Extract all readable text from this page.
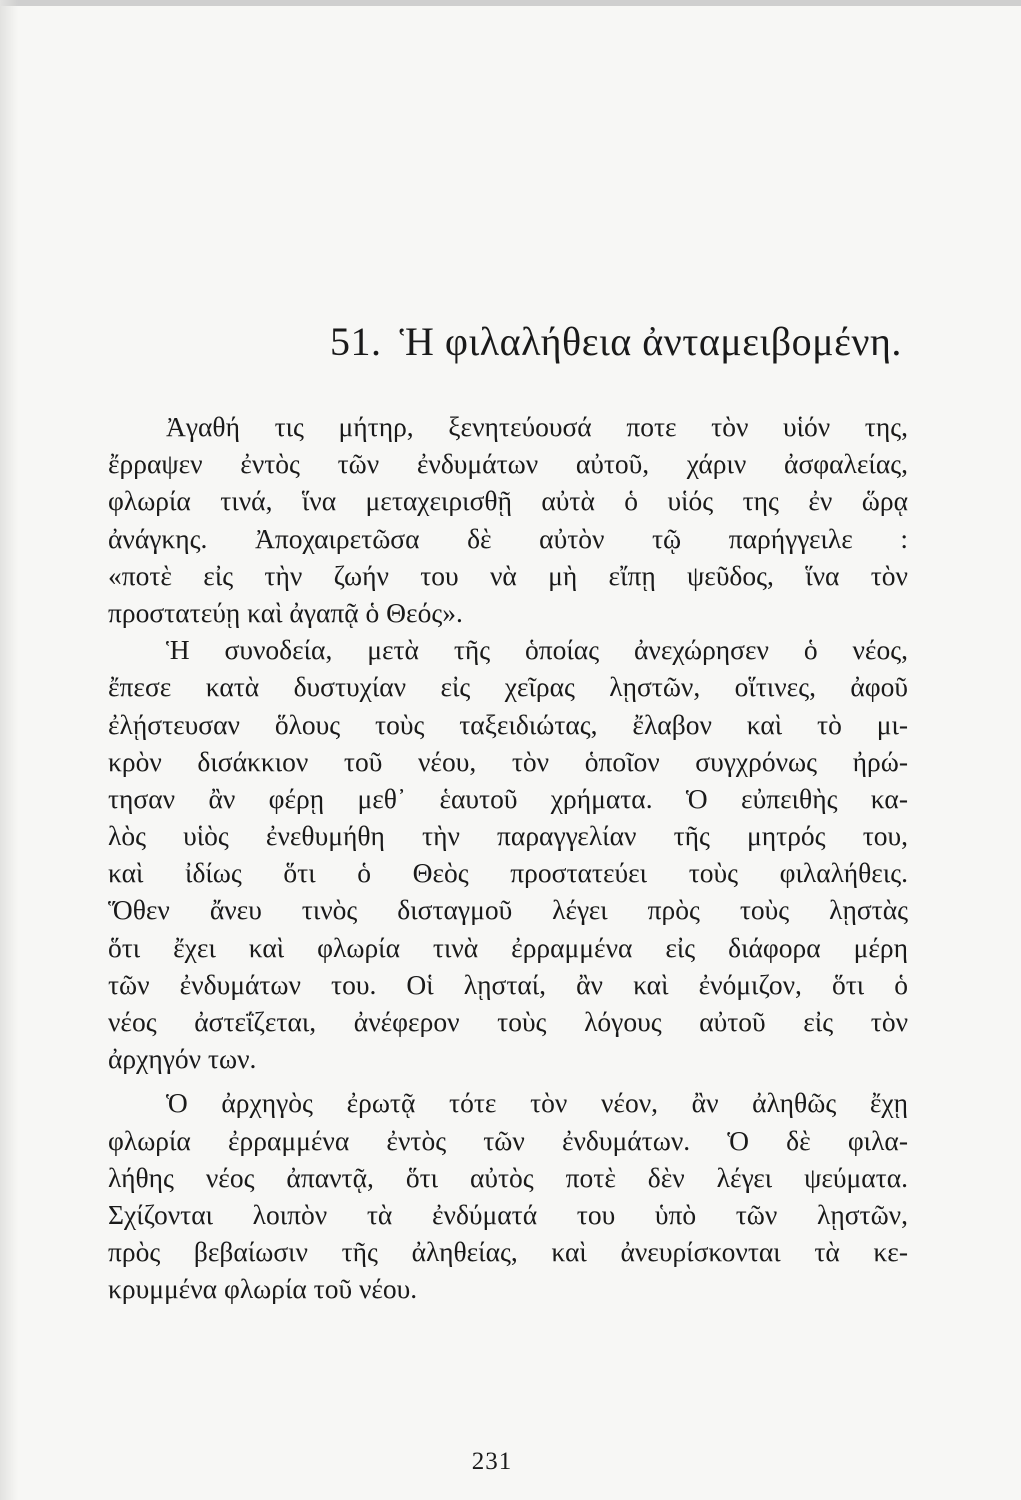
51. Ἡ φιλαλήθεια ἀνταμειβομένη.
Ἀγαθή τις μήτηρ, ξενητεύουσά ποτε τὸν υἱόν της,
ἔρραψεν ἐντὸς τῶν ἐνδυμάτων αὐτοῦ, χάριν ἀσφαλείας,
φλωρία τινά, ἵνα μεταχειρισθῇ αὐτὰ ὁ υἱός της ἐν ὥρᾳ
ἀνάγκης. Ἀποχαιρετῶσα δὲ αὐτὸν τῷ παρήγγειλε :
«ποτὲ εἰς τὴν ζωήν του νὰ μὴ εἴπῃ ψεῦδος, ἵνα τὸν
προστατεύῃ καὶ ἀγαπᾷ ὁ Θεός».
Ἡ συνοδεία, μετὰ τῆς ὁποίας ἀνεχώρησεν ὁ νέος,
ἔπεσε κατὰ δυστυχίαν εἰς χεῖρας λῃστῶν, οἵτινες, ἀφοῦ
ἐλῄστευσαν ὅλους τοὺς ταξειδιώτας, ἔλαβον καὶ τὸ μι-
κρὸν δισάκκιον τοῦ νέου, τὸν ὁποῖον συγχρόνως ἠρώ-
τησαν ἂν φέρῃ μεθ᾽ ἑαυτοῦ χρήματα. Ὁ εὐπειθὴς κα-
λὸς υἱὸς ἐνεθυμήθη τὴν παραγγελίαν τῆς μητρός του,
καὶ ἰδίως ὅτι ὁ Θεὸς προστατεύει τοὺς φιλαλήθεις.
Ὅθεν ἄνευ τινὸς δισταγμοῦ λέγει πρὸς τοὺς λῃστὰς
ὅτι ἔχει καὶ φλωρία τινὰ ἐρραμμένα εἰς διάφορα μέρη
τῶν ἐνδυμάτων του. Οἱ λῃσταί, ἂν καὶ ἐνόμιζον, ὅτι ὁ
νέος ἀστεΐζεται, ἀνέφερον τοὺς λόγους αὐτοῦ εἰς τὸν
ἀρχηγόν των.
Ὁ ἀρχηγὸς ἐρωτᾷ τότε τὸν νέον, ἂν ἀληθῶς ἔχῃ
φλωρία ἐρραμμένα ἐντὸς τῶν ἐνδυμάτων. Ὁ δὲ φιλα-
λήθης νέος ἀπαντᾷ, ὅτι αὐτὸς ποτὲ δὲν λέγει ψεύματα.
Σχίζονται λοιπὸν τὰ ἐνδύματά του ὑπὸ τῶν λῃστῶν,
πρὸς βεβαίωσιν τῆς ἀληθείας, καὶ ἀνευρίσκονται τὰ κε-
κρυμμένα φλωρία τοῦ νέου.
231
